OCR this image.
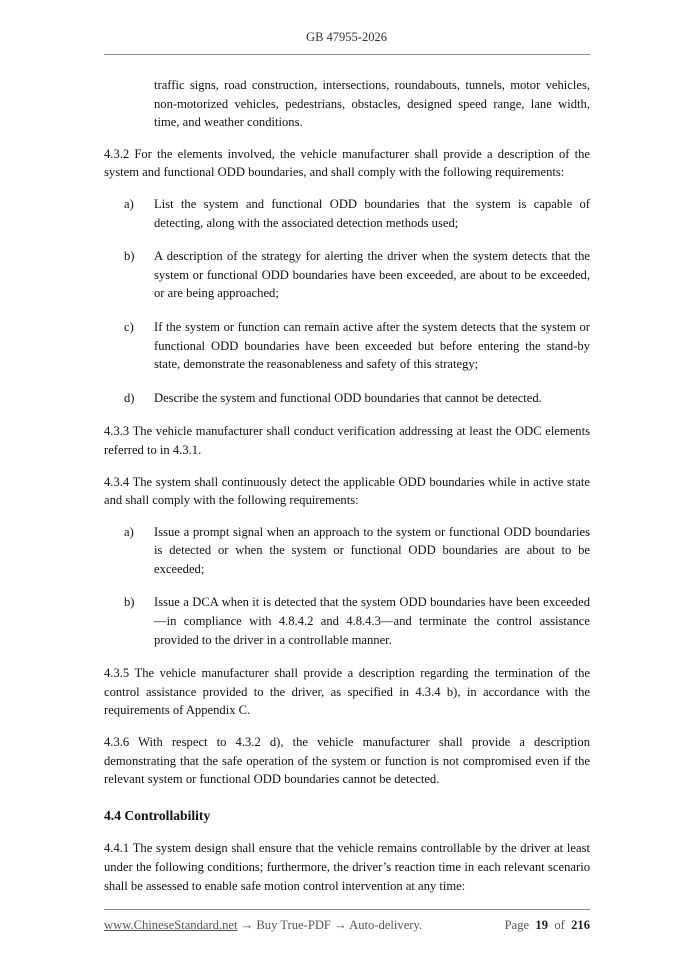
GB 47955-2026

traffic signs, road construction, intersections, roundabouts, tunnels, motor vehicles, non-motorized vehicles, pedestrians, obstacles, designed speed range, lane width, time, and weather conditions.

4.3.2 For the elements involved, the vehicle manufacturer shall provide a description of the system and functional ODD boundaries, and shall comply with the following requirements:

a)	List the system and functional ODD boundaries that the system is capable of detecting, along with the associated detection methods used;
b)	A description of the strategy for alerting the driver when the system detects that the system or functional ODD boundaries have been exceeded, are about to be exceeded, or are being approached;
c)	If the system or function can remain active after the system detects that the system or functional ODD boundaries have been exceeded but before entering the stand-by state, demonstrate the reasonableness and safety of this strategy;
d)	Describe the system and functional ODD boundaries that cannot be detected.

4.3.3 The vehicle manufacturer shall conduct verification addressing at least the ODC elements referred to in 4.3.1.

4.3.4 The system shall continuously detect the applicable ODD boundaries while in active state and shall comply with the following requirements:

a)	Issue a prompt signal when an approach to the system or functional ODD boundaries is detected or when the system or functional ODD boundaries are about to be exceeded;
b)	Issue a DCA when it is detected that the system ODD boundaries have been exceeded—in compliance with 4.8.4.2 and 4.8.4.3—and terminate the control assistance provided to the driver in a controllable manner.

4.3.5 The vehicle manufacturer shall provide a description regarding the termination of the control assistance provided to the driver, as specified in 4.3.4 b), in accordance with the requirements of Appendix C.

4.3.6 With respect to 4.3.2 d), the vehicle manufacturer shall provide a description demonstrating that the safe operation of the system or function is not compromised even if the relevant system or functional ODD boundaries cannot be detected.

4.4 Controllability

4.4.1 The system design shall ensure that the vehicle remains controllable by the driver at least under the following conditions; furthermore, the driver’s reaction time in each relevant scenario shall be assessed to enable safe motion control intervention at any time:

www.ChineseStandard.net → Buy True-PDF → Auto-delivery.	Page 19 of 216
